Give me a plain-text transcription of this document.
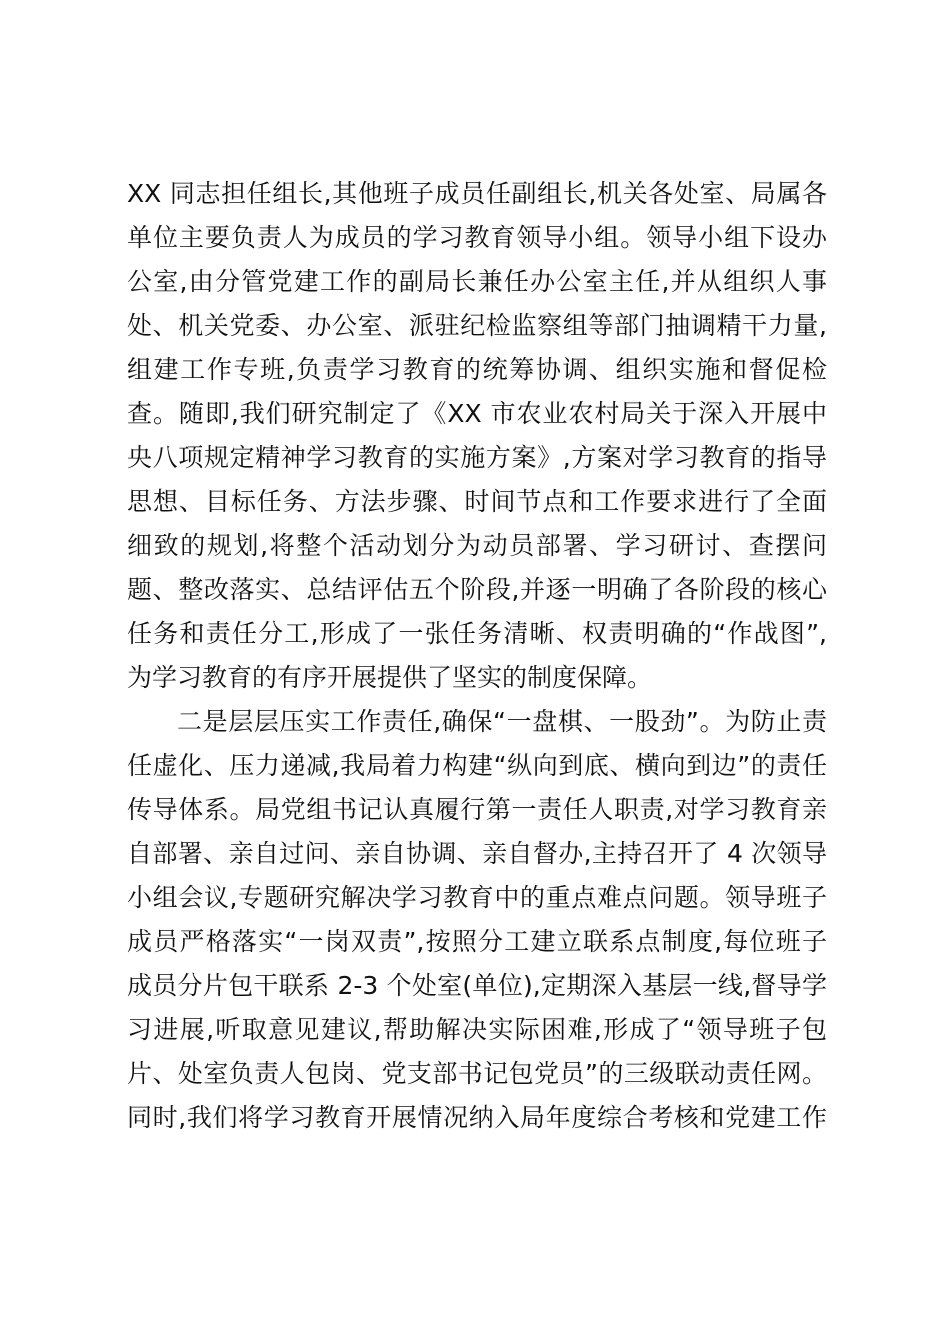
XX 同志担任组长,其他班子成员任副组长,机关各处室、局属各
单位主要负责人为成员的学习教育领导小组。领导小组下设办
公室,由分管党建工作的副局长兼任办公室主任,并从组织人事
处、机关党委、办公室、派驻纪检监察组等部门抽调精干力量,
组建工作专班,负责学习教育的统筹协调、组织实施和督促检
查。随即,我们研究制定了《XX 市农业农村局关于深入开展中
央八项规定精神学习教育的实施方案》,方案对学习教育的指导
思想、目标任务、方法步骤、时间节点和工作要求进行了全面
细致的规划,将整个活动划分为动员部署、学习研讨、查摆问
题、整改落实、总结评估五个阶段,并逐一明确了各阶段的核心
任务和责任分工,形成了一张任务清晰、权责明确的“作战图”,
为学习教育的有序开展提供了坚实的制度保障。
二是层层压实工作责任,确保“一盘棋、一股劲”。为防止责
任虚化、压力递减,我局着力构建“纵向到底、横向到边”的责任
传导体系。局党组书记认真履行第一责任人职责,对学习教育亲
自部署、亲自过问、亲自协调、亲自督办,主持召开了 4 次领导
小组会议,专题研究解决学习教育中的重点难点问题。领导班子
成员严格落实“一岗双责”,按照分工建立联系点制度,每位班子
成员分片包干联系 2-3 个处室(单位),定期深入基层一线,督导学
习进展,听取意见建议,帮助解决实际困难,形成了“领导班子包
片、处室负责人包岗、党支部书记包党员”的三级联动责任网。
同时,我们将学习教育开展情况纳入局年度综合考核和党建工作
